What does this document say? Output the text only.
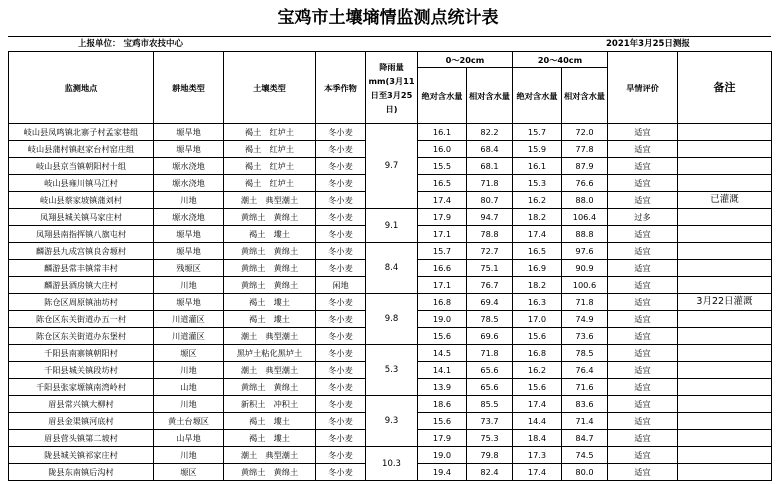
宝鸡市土壤墒情监测点统计表
上报单位： 宝鸡市农技中心	2021年3月25日测报
监测地点	耕地类型	土壤类型	本季作物	降雨量mm(3月11日至3月25日)	0～20cm		20～40cm		旱情评价	备注
					绝对含水量	相对含水量	绝对含水量	相对含水量		
岐山县凤鸣镇北寨子村孟家巷组	塬旱地	褐土　红垆土	冬小麦	9.7	16.1	82.2	15.7	72.0	适宜	
岐山县蒲村镇赵家台村窑庄组	塬旱地	褐土　红垆土	冬小麦		16.0	68.4	15.9	77.8	适宜	
岐山县京当镇朝阳村十组	塬水浇地	褐土　红垆土	冬小麦		15.5	68.1	16.1	87.9	适宜	
岐山县雍川镇马江村	塬水浇地	褐土　红垆土	冬小麦		16.5	71.8	15.3	76.6	适宜	
岐山县蔡家坡镇蒲刘村	川地	潮土　典型潮土	冬小麦		17.4	80.7	16.2	88.0	适宜	已灌溉
凤翔县城关镇马家庄村	塬水浇地	黄绵土　黄绵土	冬小麦	9.1	17.9	94.7	18.2	106.4	过多	
凤翔县南指挥镇八旗屯村	塬旱地	褐土　塿土	冬小麦		17.1	78.8	17.4	88.8	适宜	
麟游县九成宫镇良舍塬村	塬旱地	黄绵土　黄绵土	冬小麦	8.4	15.7	72.7	16.5	97.6	适宜	
麟游县常丰镇常丰村	残塬区	黄绵土　黄绵土	冬小麦		16.6	75.1	16.9	90.9	适宜	
麟游县酒房镇大庄村	川地	黄绵土　黄绵土	闲地		17.1	76.7	18.2	100.6	适宜	
陈仓区周原镇油坊村	塬旱地	褐土　塿土	冬小麦	9.8	16.8	69.4	16.3	71.8	适宜	3月22日灌溉
陈仓区东关街道办五一村	川道灌区	褐土　塿土	冬小麦		19.0	78.5	17.0	74.9	适宜	
陈仓区东关街道办东堡村	川道灌区	潮土　典型潮土	冬小麦		15.6	69.6	15.6	73.6	适宜	
千阳县南寨镇朝阳村	塬区	黑垆土粘化黑垆土	冬小麦	5.3	14.5	71.8	16.8	78.5	适宜	
千阳县城关镇段坊村	川地	潮土　典型潮土	冬小麦		14.1	65.6	16.2	76.4	适宜	
千阳县张家塬镇南湾岭村	山地	黄绵土　黄绵土	冬小麦		13.9	65.6	15.6	71.6	适宜	
眉县常兴镇大柳村	川地	新积土　冲积土	冬小麦	9.3	18.6	85.5	17.4	83.6	适宜	
眉县金渠镇河底村	黄土台塬区	褐土　塿土	冬小麦		15.6	73.7	14.4	71.4	适宜	
眉县营头镇第二坡村	山旱地	褐土　塿土	冬小麦		17.9	75.3	18.4	84.7	适宜	
陇县城关镇祁家庄村	川地	潮土　典型潮土	冬小麦	10.3	19.0	79.8	17.3	74.5	适宜	
陇县东南镇后沟村	塬区	黄绵土　黄绵土	冬小麦		19.4	82.4	17.4	80.0	适宜	
